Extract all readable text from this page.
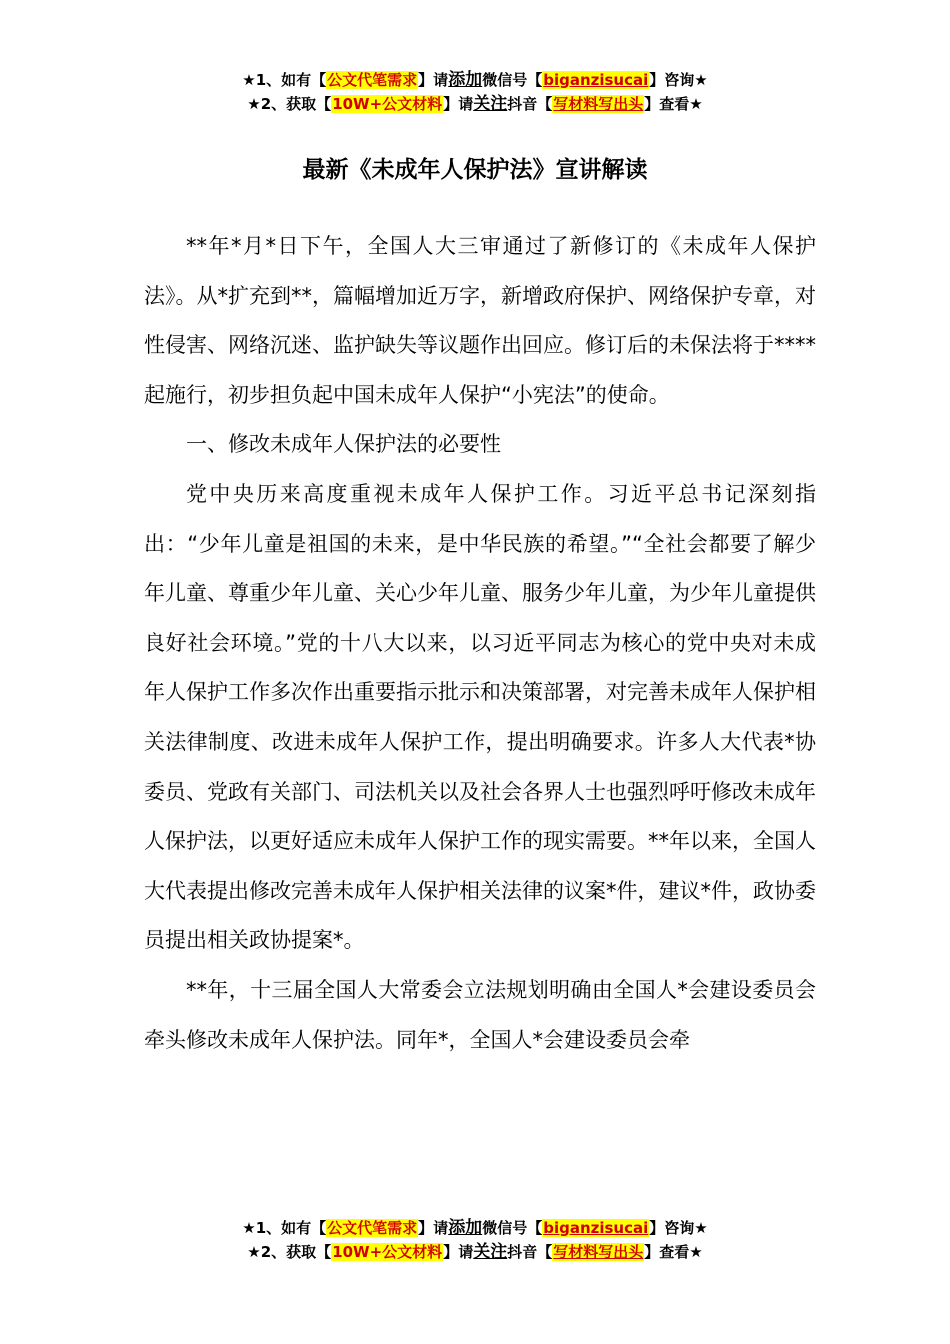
★1、如有【公文代笔需求】请添加微信号【biganzisucai】咨询★
★2、获取【10W+公文材料】请关注抖音【写材料写出头】查看★
最新《未成年人保护法》宣讲解读

**年*月*日下午，全国人大三审通过了新修订的《未成年人保护法》。从*扩充到**，篇幅增加近万字，新增政府保护、网络保护专章，对性侵害、网络沉迷、监护缺失等议题作出回应。修订后的未保法将于****起施行，初步担负起中国未成年人保护“小宪法”的使命。

一、修改未成年人保护法的必要性

党中央历来高度重视未成年人保护工作。习近平总书记深刻指出：“少年儿童是祖国的未来，是中华民族的希望。”“全社会都要了解少年儿童、尊重少年儿童、关心少年儿童、服务少年儿童，为少年儿童提供良好社会环境。”党的十八大以来，以习近平同志为核心的党中央对未成年人保护工作多次作出重要指示批示和决策部署，对完善未成年人保护相关法律制度、改进未成年人保护工作，提出明确要求。许多人大代表*协委员、党政有关部门、司法机关以及社会各界人士也强烈呼吁修改未成年人保护法，以更好适应未成年人保护工作的现实需要。**年以来，全国人大代表提出修改完善未成年人保护相关法律的议案*件，建议*件，政协委员提出相关政协提案*。

**年，十三届全国人大常委会立法规划明确由全国人*会建设委员会牵头修改未成年人保护法。同年*，全国人*会建设委员会牵

★1、如有【公文代笔需求】请添加微信号【biganzisucai】咨询★
★2、获取【10W+公文材料】请关注抖音【写材料写出头】查看★
